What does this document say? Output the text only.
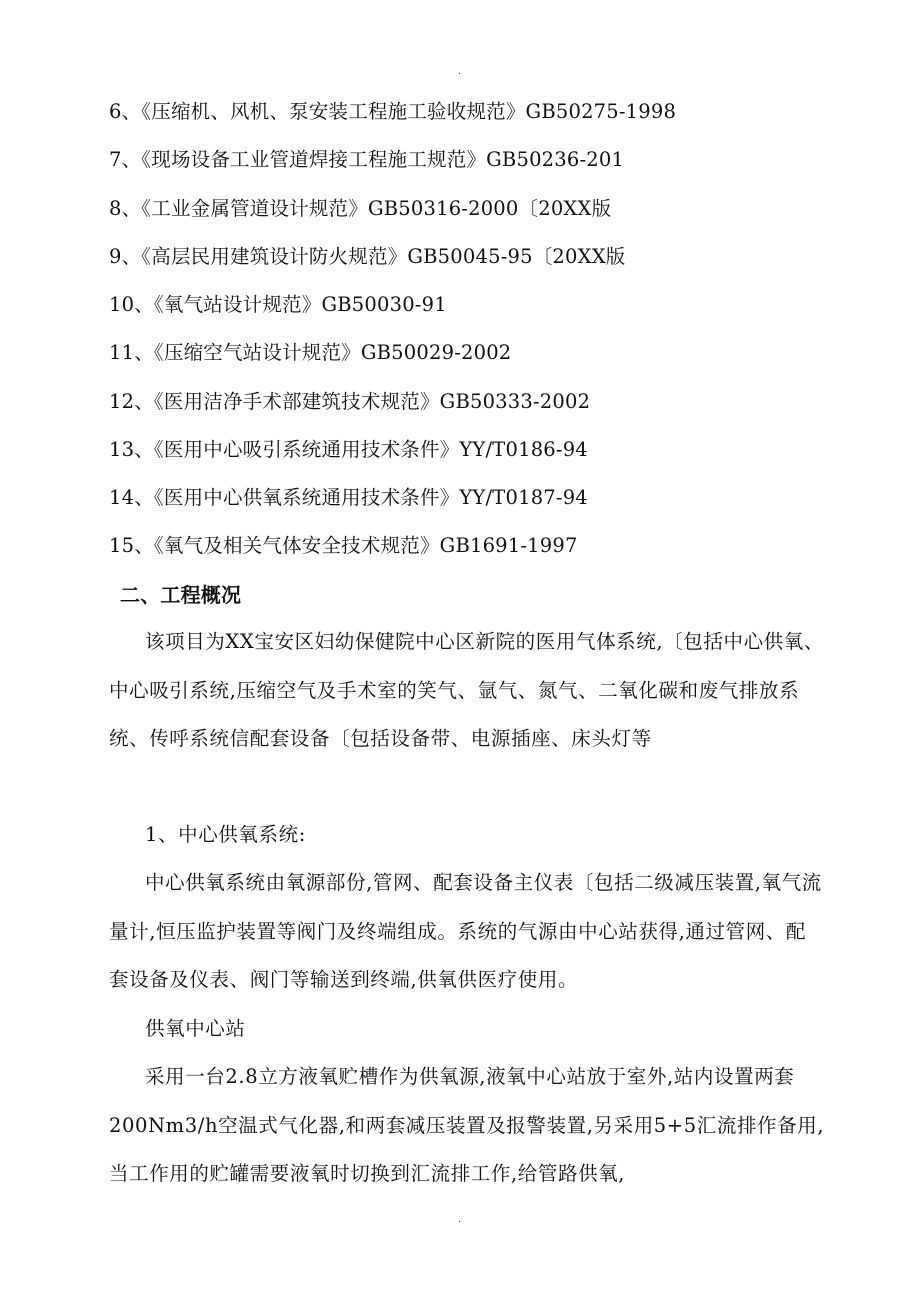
.
6、《压缩机、风机、泵安装工程施工验收规范》GB50275-1998
7、《现场设备工业管道焊接工程施工规范》GB50236-201
8、《工业金属管道设计规范》GB50316-2000〔20XX版
9、《高层民用建筑设计防火规范》GB50045-95〔20XX版
10、《氧气站设计规范》GB50030-91
11、《压缩空气站设计规范》GB50029-2002
12、《医用洁净手术部建筑技术规范》GB50333-2002
13、《医用中心吸引系统通用技术条件》YY/T0186-94
14、《医用中心供氧系统通用技术条件》YY/T0187-94
15、《氧气及相关气体安全技术规范》GB1691-1997
二、工程概况

该项目为XX宝安区妇幼保健院中心区新院的医用气体系统,〔包括中心供氧、中心吸引系统,压缩空气及手术室的笑气、氩气、氮气、二氧化碳和废气排放系统、传呼系统信配套设备〔包括设备带、电源插座、床头灯等

1、中心供氧系统:

中心供氧系统由氧源部份,管网、配套设备主仪表〔包括二级减压装置,氧气流量计,恒压监护装置等阀门及终端组成。系统的气源由中心站获得,通过管网、配套设备及仪表、阀门等输送到终端,供氧供医疗使用。

供氧中心站

采用一台2.8立方液氧贮槽作为供氧源,液氧中心站放于室外,站内设置两套200Nm3/h空温式气化器,和两套减压装置及报警装置,另采用5+5汇流排作备用,当工作用的贮罐需要液氧时切换到汇流排工作,给管路供氧,

.
